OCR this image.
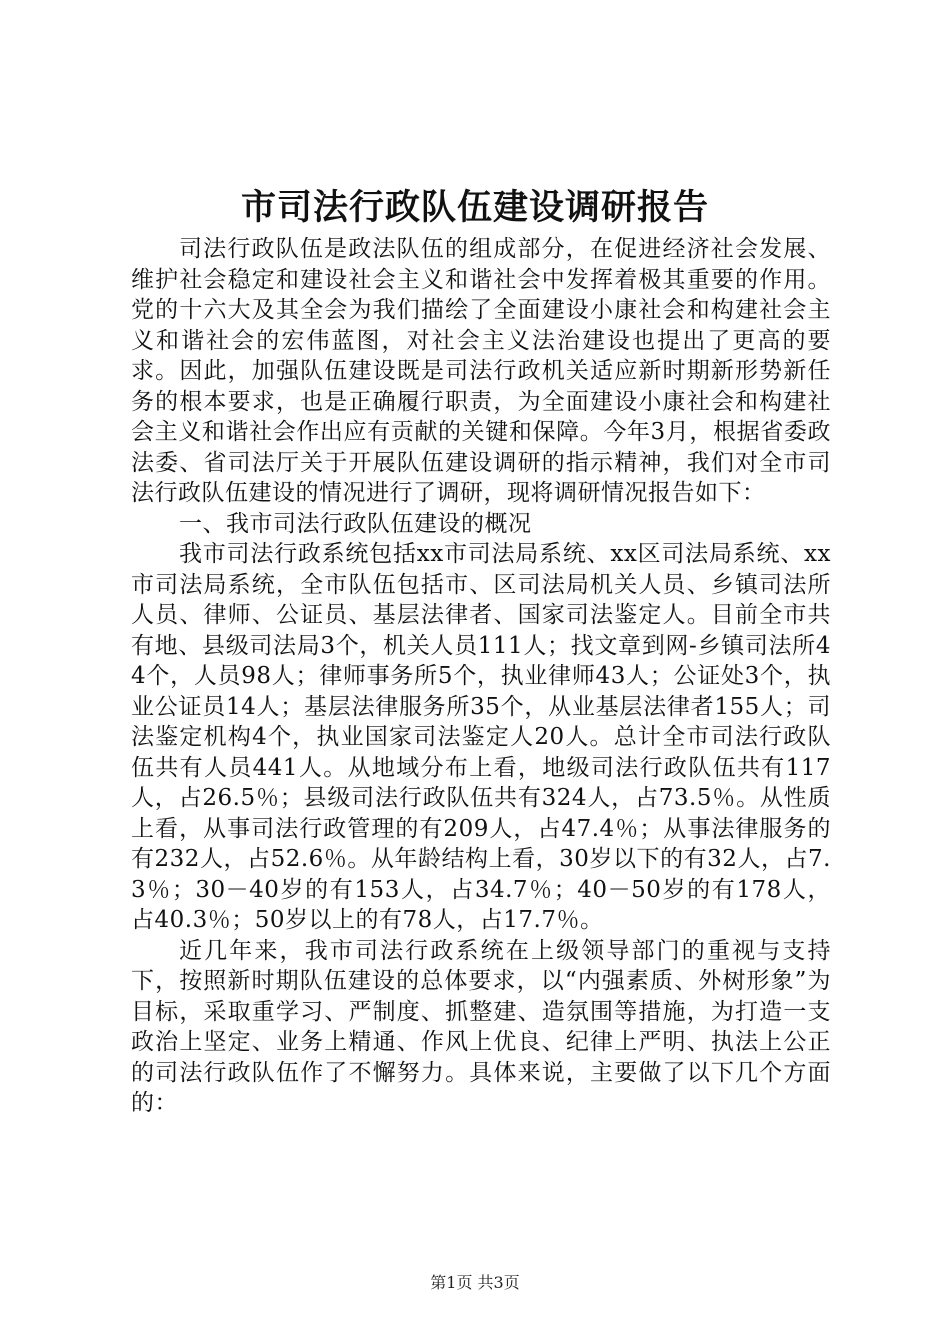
市司法行政队伍建设调研报告

司法行政队伍是政法队伍的组成部分，在促进经济社会发展、维护社会稳定和建设社会主义和谐社会中发挥着极其重要的作用。党的十六大及其全会为我们描绘了全面建设小康社会和构建社会主义和谐社会的宏伟蓝图，对社会主义法治建设也提出了更高的要求。因此，加强队伍建设既是司法行政机关适应新时期新形势新任务的根本要求，也是正确履行职责，为全面建设小康社会和构建社会主义和谐社会作出应有贡献的关键和保障。今年3月，根据省委政法委、省司法厅关于开展队伍建设调研的指示精神，我们对全市司法行政队伍建设的情况进行了调研，现将调研情况报告如下：

一、我市司法行政队伍建设的概况

我市司法行政系统包括xx市司法局系统、xx区司法局系统、xx市司法局系统，全市队伍包括市、区司法局机关人员、乡镇司法所人员、律师、公证员、基层法律者、国家司法鉴定人。目前全市共有地、县级司法局3个，机关人员111人；找文章到网-乡镇司法所44个，人员98人；律师事务所5个，执业律师43人；公证处3个，执业公证员14人；基层法律服务所35个，从业基层法律者155人；司法鉴定机构4个，执业国家司法鉴定人20人。总计全市司法行政队伍共有人员441人。从地域分布上看，地级司法行政队伍共有117人，占26.5％；县级司法行政队伍共有324人，占73.5％。从性质上看，从事司法行政管理的有209人，占47.4％；从事法律服务的有232人，占52.6％。从年龄结构上看，30岁以下的有32人，占7.3％；30－40岁的有153人，占34.7％；40－50岁的有178人，占40.3％；50岁以上的有78人，占17.7％。

近几年来，我市司法行政系统在上级领导部门的重视与支持下，按照新时期队伍建设的总体要求，以“内强素质、外树形象”为目标，采取重学习、严制度、抓整建、造氛围等措施，为打造一支政治上坚定、业务上精通、作风上优良、纪律上严明、执法上公正的司法行政队伍作了不懈努力。具体来说，主要做了以下几个方面的：

第1页 共3页
